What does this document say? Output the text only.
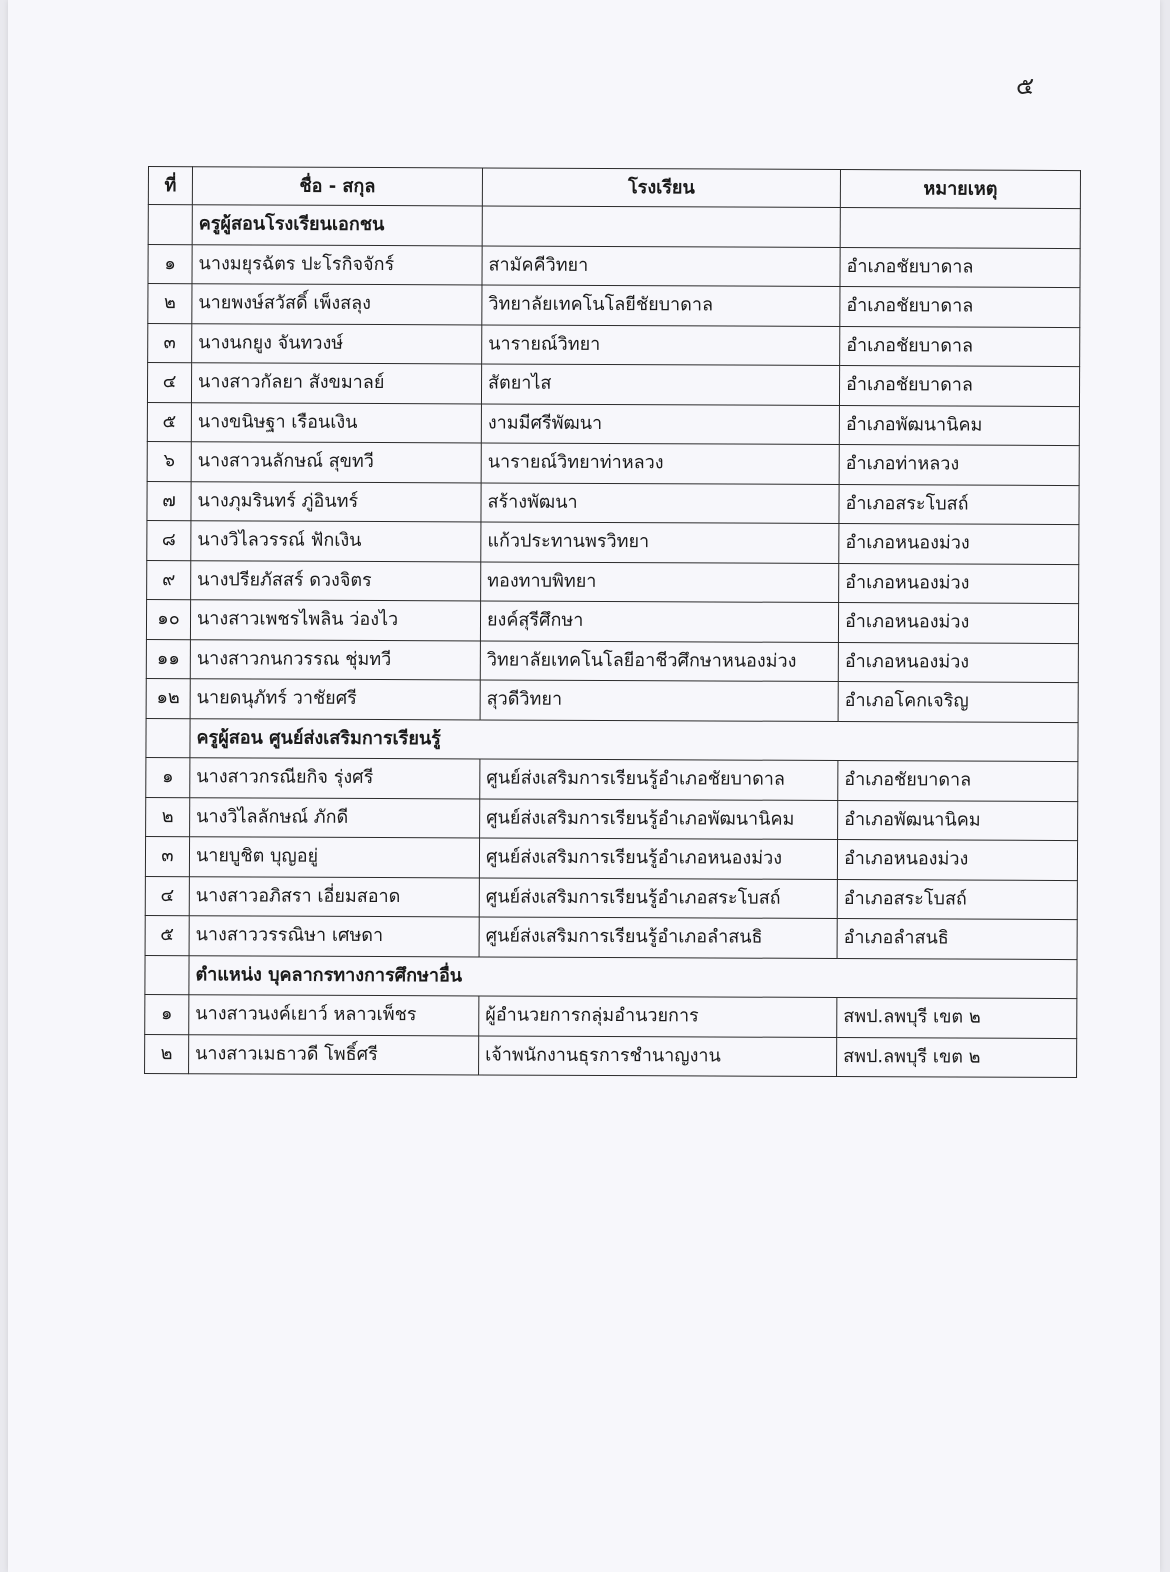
๕
ที่	ชื่อ - สกุล	โรงเรียน	หมายเหตุ
	ครูผู้สอนโรงเรียนเอกชน		
๑	นางมยุรฉัตร ปะโรกิจจักร์	สามัคคีวิทยา	อำเภอชัยบาดาล
๒	นายพงษ์สวัสดิ์ เพ็งสลุง	วิทยาลัยเทคโนโลยีชัยบาดาล	อำเภอชัยบาดาล
๓	นางนกยูง จันทวงษ์	นารายณ์วิทยา	อำเภอชัยบาดาล
๔	นางสาวกัลยา สังขมาลย์	สัตยาไส	อำเภอชัยบาดาล
๕	นางขนิษฐา เรือนเงิน	งามมีศรีพัฒนา	อำเภอพัฒนานิคม
๖	นางสาวนลักษณ์ สุขทวี	นารายณ์วิทยาท่าหลวง	อำเภอท่าหลวง
๗	นางภุมรินทร์ ภู่อินทร์	สร้างพัฒนา	อำเภอสระโบสถ์
๘	นางวิไลวรรณ์ ฟักเงิน	แก้วประทานพรวิทยา	อำเภอหนองม่วง
๙	นางปรียภัสสร์ ดวงจิตร	ทองทาบพิทยา	อำเภอหนองม่วง
๑๐	นางสาวเพชรไพลิน ว่องไว	ยงค์สุรีศึกษา	อำเภอหนองม่วง
๑๑	นางสาวกนกวรรณ ชุ่มทวี	วิทยาลัยเทคโนโลยีอาชีวศึกษาหนองม่วง	อำเภอหนองม่วง
๑๒	นายดนุภัทร์ วาชัยศรี	สุวดีวิทยา	อำเภอโคกเจริญ
	ครูผู้สอน ศูนย์ส่งเสริมการเรียนรู้		
๑	นางสาวกรณียกิจ รุ่งศรี	ศูนย์ส่งเสริมการเรียนรู้อำเภอชัยบาดาล	อำเภอชัยบาดาล
๒	นางวิไลลักษณ์ ภักดี	ศูนย์ส่งเสริมการเรียนรู้อำเภอพัฒนานิคม	อำเภอพัฒนานิคม
๓	นายบูชิต บุญอยู่	ศูนย์ส่งเสริมการเรียนรู้อำเภอหนองม่วง	อำเภอหนองม่วง
๔	นางสาวอภิสรา เอี่ยมสอาด	ศูนย์ส่งเสริมการเรียนรู้อำเภอสระโบสถ์	อำเภอสระโบสถ์
๕	นางสาววรรณิษา เศษดา	ศูนย์ส่งเสริมการเรียนรู้อำเภอลำสนธิ	อำเภอลำสนธิ
	ตำแหน่ง บุคลากรทางการศึกษาอื่น		
๑	นางสาวนงค์เยาว์ หลาวเพ็ชร	ผู้อำนวยการกลุ่มอำนวยการ	สพป.ลพบุรี เขต ๒
๒	นางสาวเมธาวดี โพธิ์ศรี	เจ้าพนักงานธุรการชำนาญงาน	สพป.ลพบุรี เขต ๒
